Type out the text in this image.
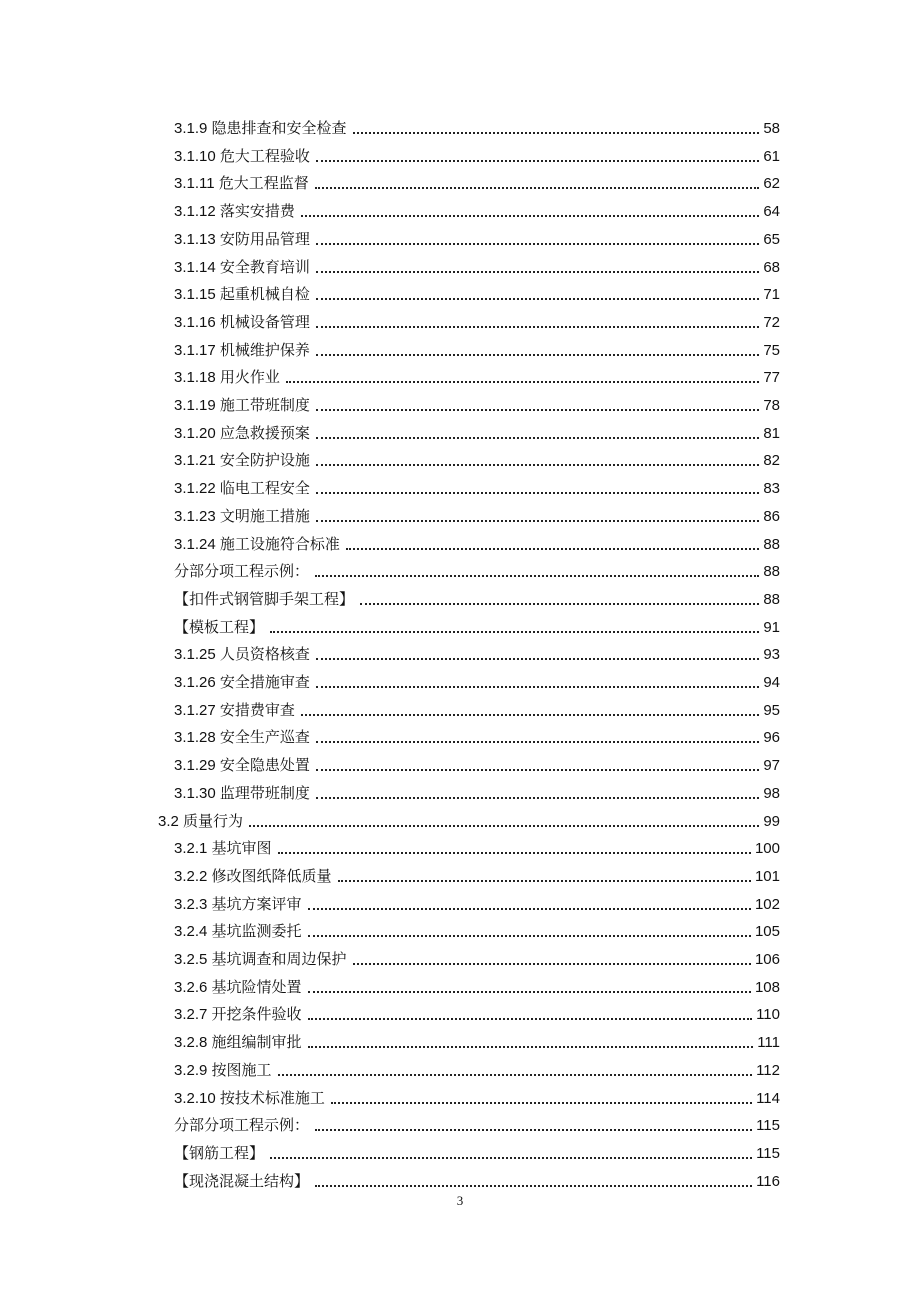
3.1.9 隐患排查和安全检查	58
3.1.10 危大工程验收	61
3.1.11 危大工程监督	62
3.1.12 落实安措费	64
3.1.13 安防用品管理	65
3.1.14 安全教育培训	68
3.1.15 起重机械自检	71
3.1.16 机械设备管理	72
3.1.17 机械维护保养	75
3.1.18 用火作业	77
3.1.19 施工带班制度	78
3.1.20 应急救援预案	81
3.1.21 安全防护设施	82
3.1.22 临电工程安全	83
3.1.23 文明施工措施	86
3.1.24 施工设施符合标准	88
分部分项工程示例：	88
【扣件式钢管脚手架工程】	88
【模板工程】	91
3.1.25 人员资格核查	93
3.1.26 安全措施审查	94
3.1.27 安措费审查	95
3.1.28 安全生产巡查	96
3.1.29 安全隐患处置	97
3.1.30 监理带班制度	98
3.2 质量行为	99
3.2.1 基坑审图	100
3.2.2 修改图纸降低质量	101
3.2.3 基坑方案评审	102
3.2.4 基坑监测委托	105
3.2.5 基坑调查和周边保护	106
3.2.6 基坑险情处置	108
3.2.7 开挖条件验收	110
3.2.8 施组编制审批	111
3.2.9 按图施工	112
3.2.10 按技术标准施工	114
分部分项工程示例：	115
【钢筋工程】	115
【现浇混凝土结构】	116
3
